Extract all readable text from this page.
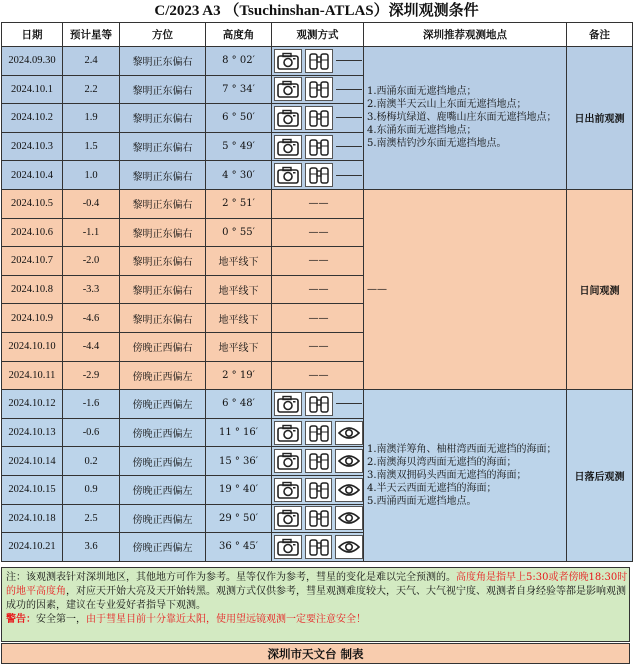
C/2023 A3 （Tsuchinshan-ATLAS）深圳观测条件
日期	预计星等	方位	高度角	观测方式	深圳推荐观测地点	备注
2024.09.30	2.4	黎明正东偏右	8 ° 02′		1.西涌东面无遮挡地点；
2.南澳半天云山上东面无遮挡地点；
3.杨梅坑绿道、鹿嘴山庄东面无遮挡地点；
4.东涌东面无遮挡地点；
5.南澳桔钓沙东面无遮挡地点。	日出前观测
2024.10.1	2.2	黎明正东偏右	7 ° 34′	

2024.10.2	1.9	黎明正东偏右	6 ° 50′	

2024.10.3	1.5	黎明正东偏右	5 ° 49′	

2024.10.4	1.0	黎明正东偏右	4 ° 30′	

2024.10.5	-0.4	黎明正东偏右	2 ° 51′	——	——	日间观测
2024.10.6	-1.1	黎明正东偏右	0 ° 55′	——		

2024.10.7	-2.0	黎明正东偏右	地平线下	——		

2024.10.8	-3.3	黎明正东偏右	地平线下	——		

2024.10.9	-4.6	黎明正东偏右	地平线下	——		

2024.10.10	-4.4	傍晚正西偏右	地平线下	——		

2024.10.11	-2.9	傍晚正西偏左	2 ° 19′	——		

2024.10.12	-1.6	傍晚正西偏左	6 ° 48′		1.南澳洋筹角、柚柑湾西面无遮挡的海面；
2.南澳海贝湾西面无遮挡的海面；
3.南澳双拥码头西面无遮挡的海面；
4.半天云西面无遮挡的海面；
5.西涌西面无遮挡地点。	日落后观测
2024.10.13	-0.6	傍晚正西偏左	11 ° 16′	

2024.10.14	0.2	傍晚正西偏左	15 ° 36′	

2024.10.15	0.9	傍晚正西偏左	19 ° 40′	

2024.10.18	2.5	傍晚正西偏左	29 ° 50′	

2024.10.21	3.6	傍晚正西偏左	36 ° 45′	
注：该观测表针对深圳地区，其他地方可作为参考。星等仅作为参考，彗星的变化是难以完全预测的。高度角是指早上5:30或者傍晚18:30时的地平高度角，对应天开始大亮及天开始转黑。观测方式仅供参考，彗星观测难度较大，天气、大气视宁度、观测者自身经验等都是影响观测成功的因素，建议在专业爱好者指导下观测。
警告：安全第一，由于彗星目前十分靠近太阳，使用望远镜观测一定要注意安全！
深圳市天文台 制表
